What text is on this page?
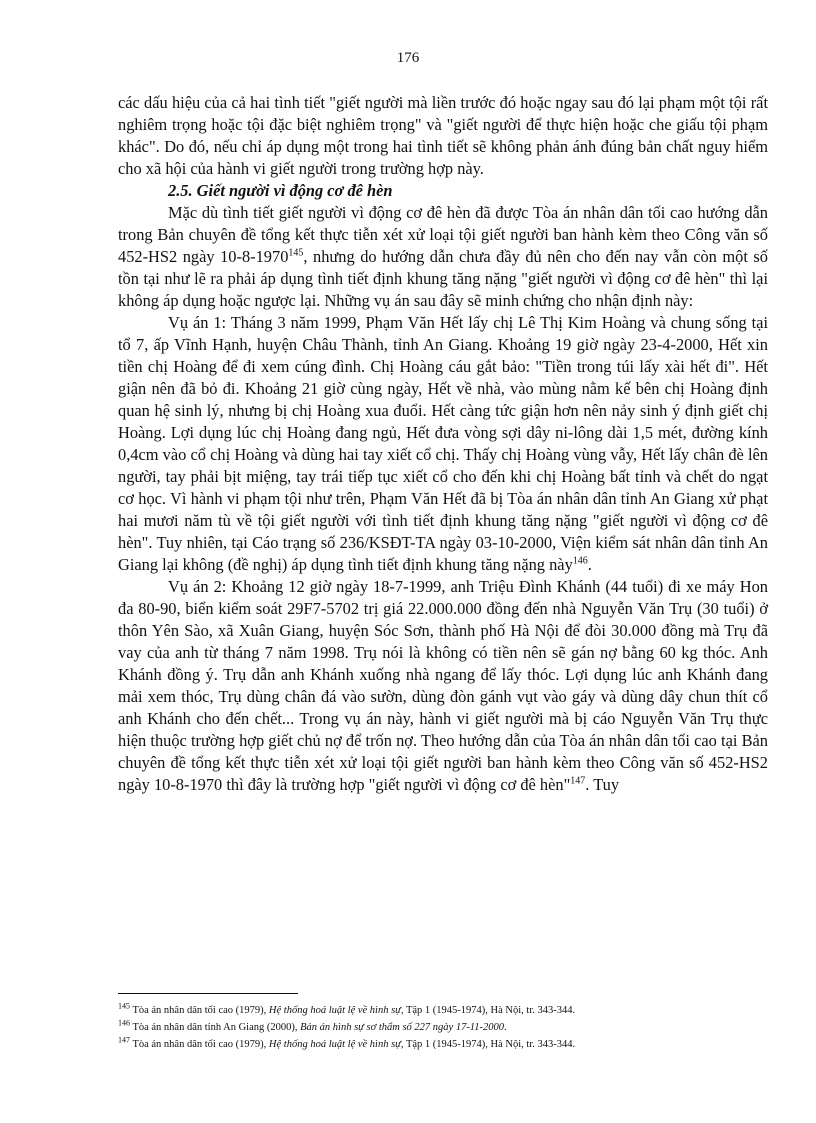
176

các dấu hiệu của cả hai tình tiết "giết người mà liền trước đó hoặc ngay sau đó lại phạm một tội rất nghiêm trọng hoặc tội đặc biệt nghiêm trọng" và "giết người để thực hiện hoặc che giấu tội phạm khác". Do đó, nếu chỉ áp dụng một trong hai tình tiết sẽ không phản ánh đúng bản chất nguy hiểm cho xã hội của hành vi giết người trong trường hợp này.

2.5. Giết người vì động cơ đê hèn

Mặc dù tình tiết giết người vì động cơ đê hèn đã được Tòa án nhân dân tối cao hướng dẫn trong Bản chuyên đề tổng kết thực tiễn xét xử loại tội giết người ban hành kèm theo Công văn số 452-HS2 ngày 10-8-1970$^{145}$, nhưng do hướng dẫn chưa đầy đủ nên cho đến nay vẫn còn một số tồn tại như lẽ ra phải áp dụng tình tiết định khung tăng nặng "giết người vì động cơ đê hèn" thì lại không áp dụng hoặc ngược lại. Những vụ án sau đây sẽ minh chứng cho nhận định này:

Vụ án 1: Tháng 3 năm 1999, Phạm Văn Hết lấy chị Lê Thị Kim Hoàng và chung sống tại tổ 7, ấp Vĩnh Hạnh, huyện Châu Thành, tỉnh An Giang. Khoảng 19 giờ ngày 23-4-2000, Hết xin tiền chị Hoàng để đi xem cúng đình. Chị Hoàng cáu gắt bảo: "Tiền trong túi lấy xài hết đi". Hết giận nên đã bỏ đi. Khoảng 21 giờ cùng ngày, Hết về nhà, vào mùng nằm kế bên chị Hoàng định quan hệ sinh lý, nhưng bị chị Hoàng xua đuổi. Hết càng tức giận hơn nên nảy sinh ý định giết chị Hoàng. Lợi dụng lúc chị Hoàng đang ngủ, Hết đưa vòng sợi dây ni-lông dài 1,5 mét, đường kính 0,4cm vào cổ chị Hoàng và dùng hai tay xiết cổ chị. Thấy chị Hoàng vùng vẫy, Hết lấy chân đè lên người, tay phải bịt miệng, tay trái tiếp tục xiết cổ cho đến khi chị Hoàng bất tỉnh và chết do ngạt cơ học. Vì hành vi phạm tội như trên, Phạm Văn Hết đã bị Tòa án nhân dân tỉnh An Giang xử phạt hai mươi năm tù về tội giết người với tình tiết định khung tăng nặng "giết người vì động cơ đê hèn". Tuy nhiên, tại Cáo trạng số 236/KSĐT-TA ngày 03-10-2000, Viện kiểm sát nhân dân tỉnh An Giang lại không (đề nghị) áp dụng tình tiết định khung tăng nặng này$^{146}$.

Vụ án 2: Khoảng 12 giờ ngày 18-7-1999, anh Triệu Đình Khánh (44 tuổi) đi xe máy Hon đa 80-90, biển kiểm soát 29F7-5702 trị giá 22.000.000 đồng đến nhà Nguyễn Văn Trụ (30 tuổi) ở thôn Yên Sào, xã Xuân Giang, huyện Sóc Sơn, thành phố Hà Nội để đòi 30.000 đồng mà Trụ đã vay của anh từ tháng 7 năm 1998. Trụ nói là không có tiền nên sẽ gán nợ bằng 60 kg thóc. Anh Khánh đồng ý. Trụ dẫn anh Khánh xuống nhà ngang để lấy thóc. Lợi dụng lúc anh Khánh đang mải xem thóc, Trụ dùng chân đá vào sườn, dùng đòn gánh vụt vào gáy và dùng dây chun thít cổ anh Khánh cho đến chết... Trong vụ án này, hành vi giết người mà bị cáo Nguyễn Văn Trụ thực hiện thuộc trường hợp giết chủ nợ để trốn nợ. Theo hướng dẫn của Tòa án nhân dân tối cao tại Bản chuyên đề tổng kết thực tiễn xét xử loại tội giết người ban hành kèm theo Công văn số 452-HS2 ngày 10-8-1970 thì đây là trường hợp "giết người vì động cơ đê hèn"$^{147}$. Tuy

$^{145}$ Tòa án nhân dân tối cao (1979), Hệ thống hoá luật lệ về hình sự, Tập 1 (1945-1974), Hà Nội, tr. 343-344.
$^{146}$ Tòa án nhân dân tỉnh An Giang (2000), Bản án hình sự sơ thẩm số 227 ngày 17-11-2000.
$^{147}$ Tòa án nhân dân tối cao (1979), Hệ thống hoá luật lệ về hình sự, Tập 1 (1945-1974), Hà Nội, tr. 343-344.
